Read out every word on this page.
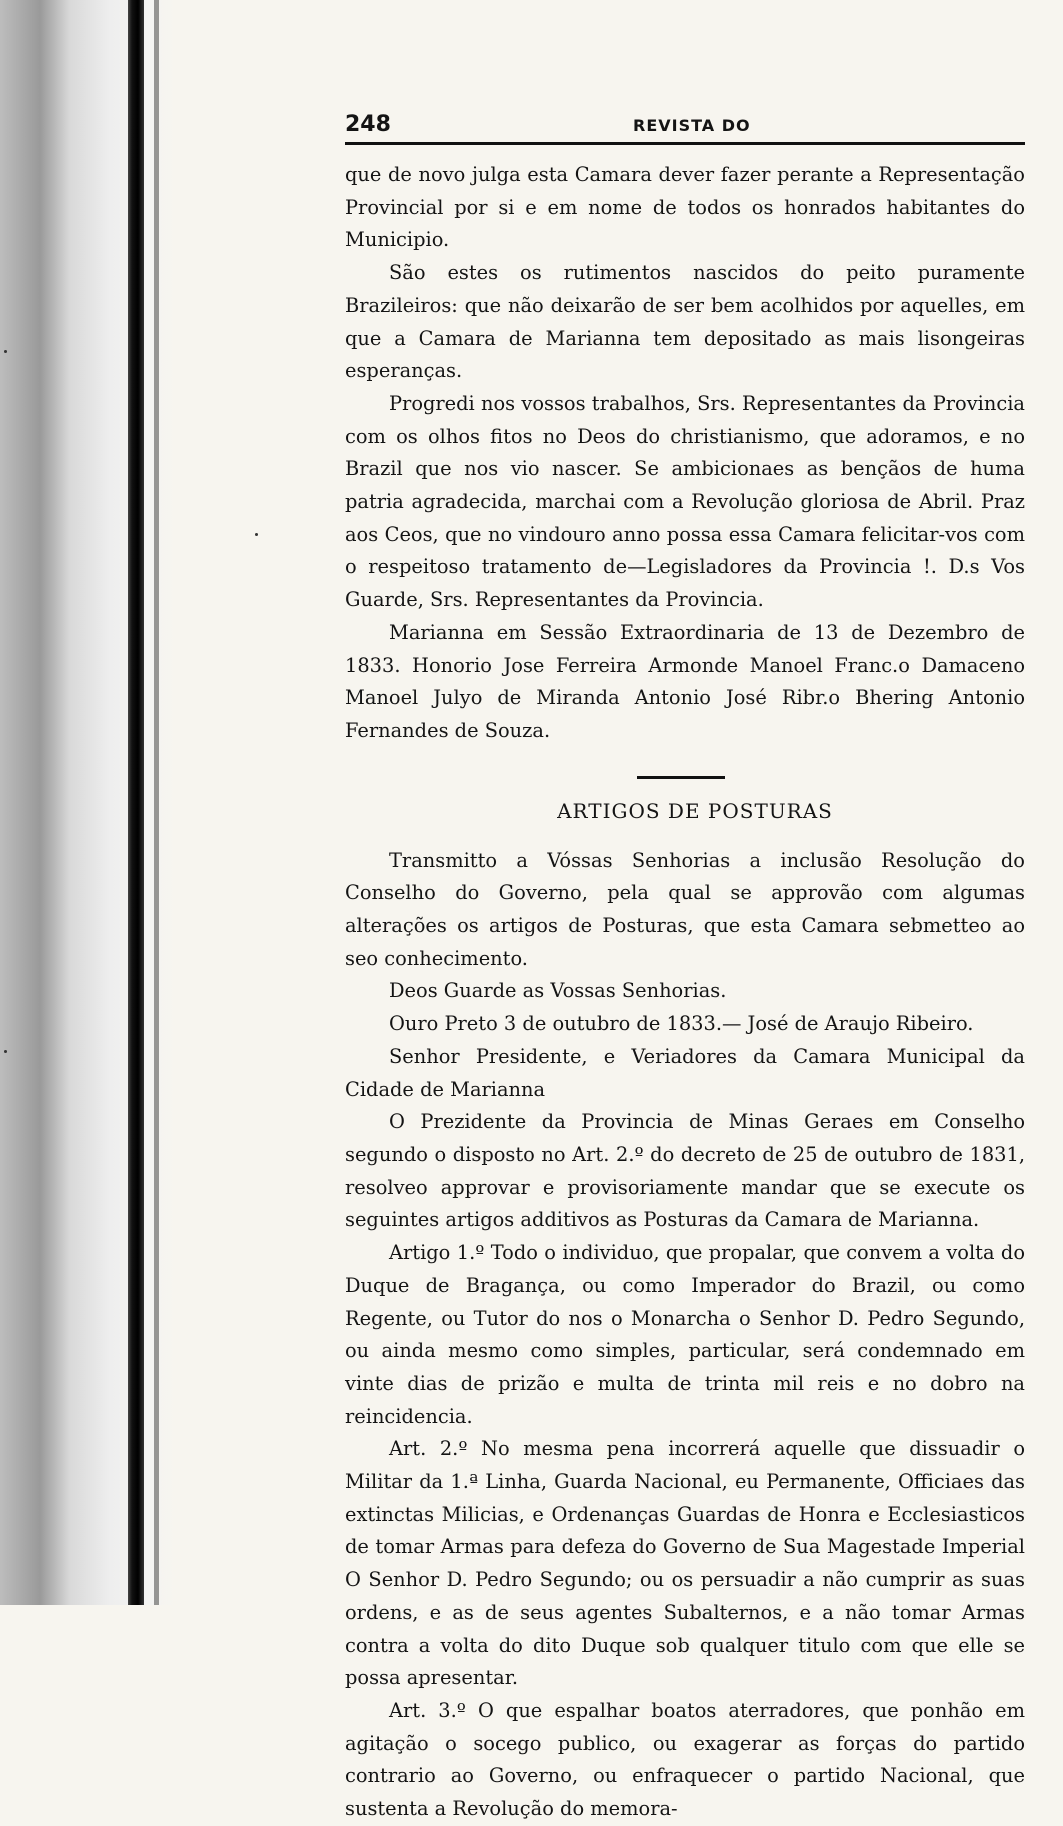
248	REVISTA DO

que de novo julga esta Camara dever fazer perante a Representação Provincial por si e em nome de todos os honrados habitantes do Municipio.

São estes os rutimentos nascidos do peito puramente Brazileiros: que não deixarão de ser bem acolhidos por aquelles, em que a Camara de Marianna tem depositado as mais lisongeiras esperanças.

Progredi nos vossos trabalhos, Srs. Representantes da Provincia com os olhos fitos no Deos do christianismo, que adoramos, e no Brazil que nos vio nascer. Se ambicionaes as bençãos de huma patria agradecida, marchai com a Revolução gloriosa de Abril. Praz aos Ceos, que no vindouro anno possa essa Camara felicitar-vos com o respeitoso tratamento de—Legisladores da Provincia !. D.s Vos Guarde, Srs. Representantes da Provincia.

Marianna em Sessão Extraordinaria de 13 de Dezembro de 1833. Honorio Jose Ferreira Armonde Manoel Franc.o Damaceno Manoel Julyo de Miranda Antonio José Ribr.o Bhering Antonio Fernandes de Souza.

ARTIGOS DE POSTURAS

Transmitto a Vóssas Senhorias a inclusão Resolução do Conselho do Governo, pela qual se approvão com algumas alterações os artigos de Posturas, que esta Camara sebmetteo ao seo conhecimento.

Deos Guarde as Vossas Senhorias.

Ouro Preto 3 de outubro de 1833.— José de Araujo Ribeiro.

Senhor Presidente, e Veriadores da Camara Municipal da Cidade de Marianna

O Prezidente da Provincia de Minas Geraes em Conselho segundo o disposto no Art. 2.º do decreto de 25 de outubro de 1831, resolveo approvar e provisoriamente mandar que se execute os seguintes artigos additivos as Posturas da Camara de Marianna.

Artigo 1.º Todo o individuo, que propalar, que convem a volta do Duque de Bragança, ou como Imperador do Brazil, ou como Regente, ou Tutor do nos o Monarcha o Senhor D. Pedro Segundo, ou ainda mesmo como simples, particular, será condemnado em vinte dias de prizão e multa de trinta mil reis e no dobro na reincidencia.

Art. 2.º No mesma pena incorrerá aquelle que dissuadir o Militar da 1.ª Linha, Guarda Nacional, eu Permanente, Officiaes das extinctas Milicias, e Ordenanças Guardas de Honra e Ecclesiasticos de tomar Armas para defeza do Governo de Sua Magestade Imperial O Senhor D. Pedro Segundo; ou os persuadir a não cumprir as suas ordens, e as de seus agentes Subalternos, e a não tomar Armas contra a volta do dito Duque sob qualquer titulo com que elle se possa apresentar.

Art. 3.º O que espalhar boatos aterradores, que ponhão em agitação o socego publico, ou exagerar as forças do partido contrario ao Governo, ou enfraquecer o partido Nacional, que sustenta a Revolução do memora-
